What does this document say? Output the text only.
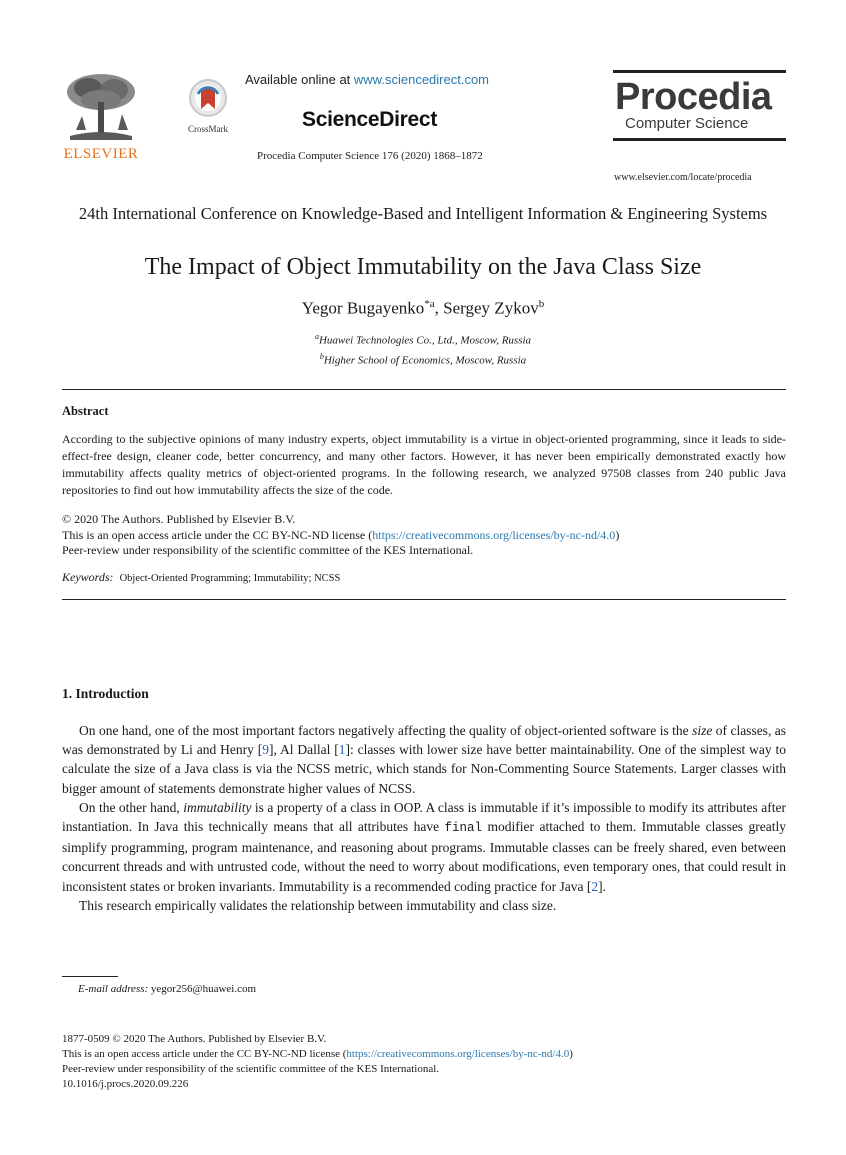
ELSEVIER
CrossMark
Available online at www.sciencedirect.com
ScienceDirect
Procedia Computer Science 176 (2020) 1868–1872
Procedia
Computer Science
www.elsevier.com/locate/procedia
24th International Conference on Knowledge-Based and Intelligent Information & Engineering Systems
The Impact of Object Immutability on the Java Class Size
Yegor Bugayenko$^{*a}$, Sergey Zykov$^b$
$^a$Huawei Technologies Co., Ltd., Moscow, Russia
$^b$Higher School of Economics, Moscow, Russia
Abstract
According to the subjective opinions of many industry experts, object immutability is a virtue in object-oriented programming, since it leads to side-effect-free design, cleaner code, better concurrency, and many other factors. However, it has never been empirically demonstrated exactly how immutability affects quality metrics of object-oriented programs. In the following research, we analyzed 97508 classes from 240 public Java repositories to find out how immutability affects the size of the code.
© 2020 The Authors. Published by Elsevier B.V.
This is an open access article under the CC BY-NC-ND license (https://creativecommons.org/licenses/by-nc-nd/4.0)
Peer-review under responsibility of the scientific committee of the KES International.
Keywords: Object-Oriented Programming; Immutability; NCSS
1. Introduction

On one hand, one of the most important factors negatively affecting the quality of object-oriented software is the size of classes, as was demonstrated by Li and Henry [9], Al Dallal [1]: classes with lower size have better maintainability. One of the simplest way to calculate the size of a Java class is via the NCSS metric, which stands for Non-Commenting Source Statements. Larger classes with bigger amount of statements demonstrate higher values of NCSS.

On the other hand, immutability is a property of a class in OOP. A class is immutable if it’s impossible to modify its attributes after instantiation. In Java this technically means that all attributes have final modifier attached to them. Immutable classes greatly simplify programming, program maintenance, and reasoning about programs. Immutable classes can be freely shared, even between concurrent threads and with untrusted code, without the need to worry about modifications, even temporary ones, that could result in inconsistent states or broken invariants. Immutability is a recommended coding practice for Java [2].

This research empirically validates the relationship between immutability and class size.

E-mail address: yegor256@huawei.com
1877-0509 © 2020 The Authors. Published by Elsevier B.V.
This is an open access article under the CC BY-NC-ND license (https://creativecommons.org/licenses/by-nc-nd/4.0)
Peer-review under responsibility of the scientific committee of the KES International.
10.1016/j.procs.2020.09.226
